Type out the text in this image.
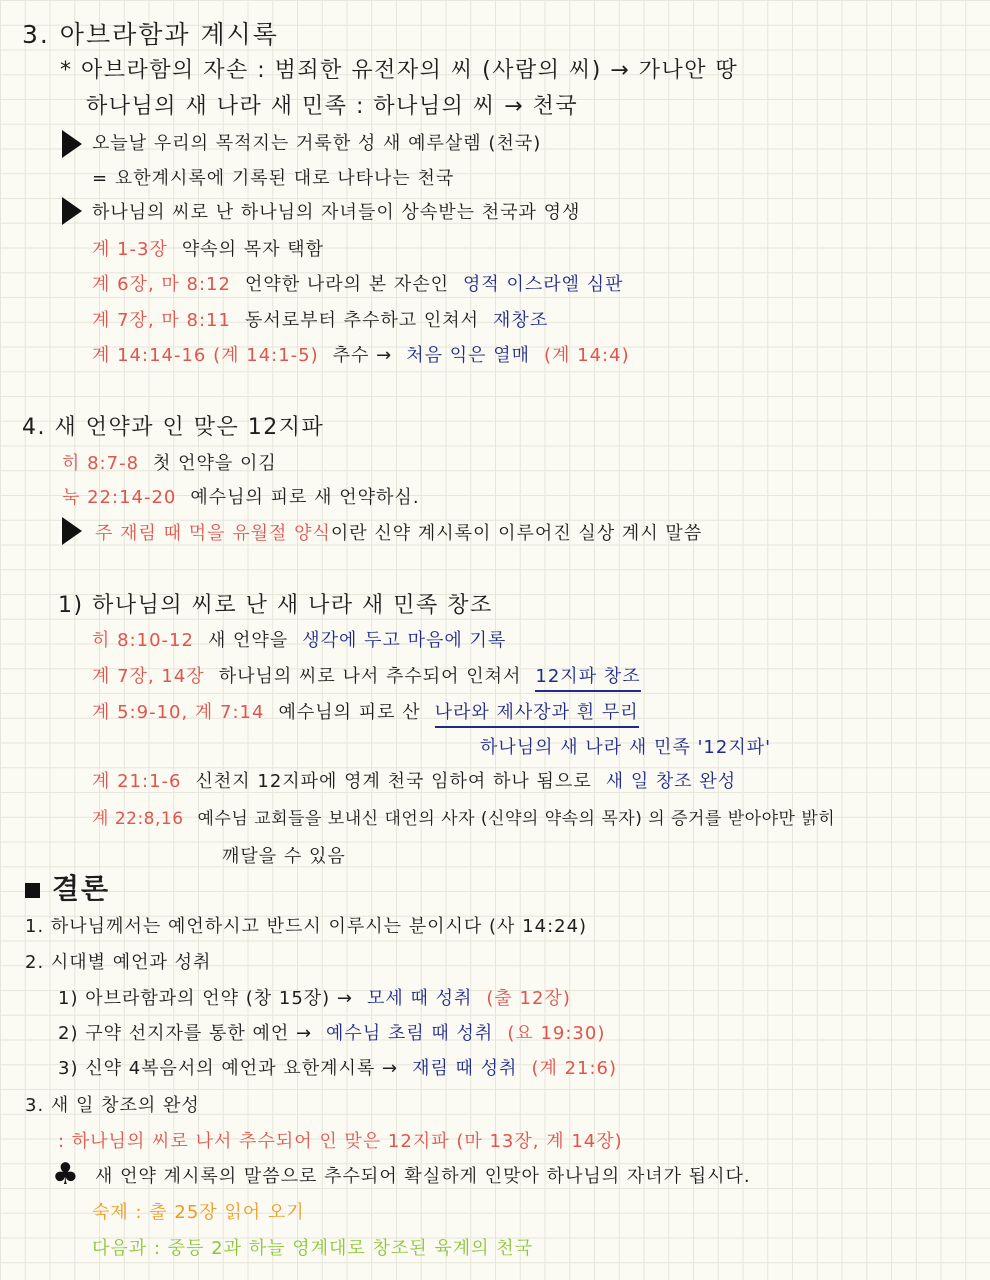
3. 아브라함과 계시록
* 아브라함의 자손 : 범죄한 유전자의 씨 (사람의 씨) → 가나안 땅
하나님의 새 나라 새 민족 : 하나님의 씨 → 천국
오늘날 우리의 목적지는 거룩한 성 새 예루살렘 (천국)
= 요한계시록에 기록된 대로 나타나는 천국
하나님의 씨로 난 하나님의 자녀들이 상속받는 천국과 영생
계 1-3장 약속의 목자 택함
계 6장, 마 8:12 언약한 나라의 본 자손인 영적 이스라엘 심판
계 7장, 마 8:11 동서로부터 추수하고 인쳐서 재창조
계 14:14-16 (계 14:1-5) 추수 → 처음 익은 열매 (계 14:4)
4. 새 언약과 인 맞은 12지파
히 8:7-8 첫 언약을 이김
눅 22:14-20 예수님의 피로 새 언약하심.
주 재림 때 먹을 유월절 양식이란 신약 계시록이 이루어진 실상 계시 말씀
1) 하나님의 씨로 난 새 나라 새 민족 창조
히 8:10-12 새 언약을 생각에 두고 마음에 기록
계 7장, 14장 하나님의 씨로 나서 추수되어 인쳐서 12지파 창조
계 5:9-10, 계 7:14 예수님의 피로 산 나라와 제사장과 흰 무리
하나님의 새 나라 새 민족 '12지파'
계 21:1-6 신천지 12지파에 영계 천국 임하여 하나 됨으로 새 일 창조 완성
계 22:8,16 예수님 교회들을 보내신 대언의 사자 (신약의 약속의 목자) 의 증거를 받아야만 밝히
깨달을 수 있음
결론
1. 하나님께서는 예언하시고 반드시 이루시는 분이시다 (사 14:24)
2. 시대별 예언과 성취
1) 아브라함과의 언약 (창 15장) → 모세 때 성취 (출 12장)
2) 구약 선지자를 통한 예언 → 예수님 초림 때 성취 (요 19:30)
3) 신약 4복음서의 예언과 요한계시록 → 재림 때 성취 (계 21:6)
3. 새 일 창조의 완성
: 하나님의 씨로 나서 추수되어 인 맞은 12지파 (마 13장, 계 14장)
♣ 새 언약 계시록의 말씀으로 추수되어 확실하게 인맞아 하나님의 자녀가 됩시다.
숙제 : 출 25장 읽어 오기
다음과 : 중등 2과 하늘 영계대로 창조된 육계의 천국
